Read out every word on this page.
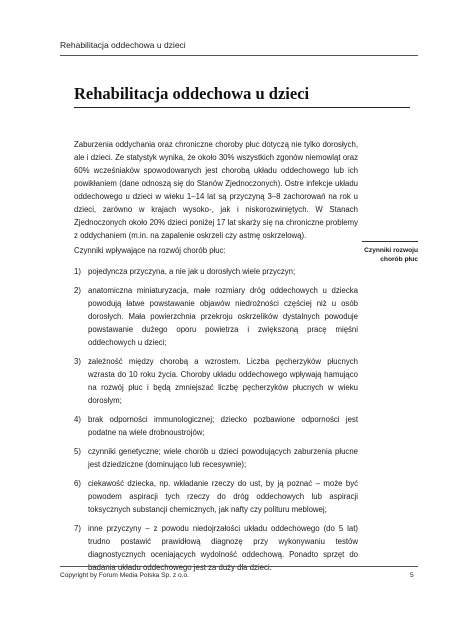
Rehabilitacja oddechowa u dzieci
Rehabilitacja oddechowa u dzieci

Zaburzenia oddychania oraz chroniczne choroby płuc dotyczą nie tylko dorosłych, ale i dzieci. Ze statystyk wynika, że około 30% wszystkich zgonów niemowląt oraz 60% wcześniaków spowodowanych jest chorobą układu oddechowego lub ich powikłaniem (dane odnoszą się do Stanów Zjednoczonych). Ostre infekcje układu oddechowego u dzieci w wieku 1–14 lat są przyczyną 3–8 zachorowań na rok u dzieci, zarówno w krajach wysoko-, jak i niskorozwiniętych. W Stanach Zjednoczonych około 20% dzieci poniżej 17 lat skarży się na chroniczne problemy z oddychaniem (m.in. na zapalenie oskrzeli czy astmę oskrzelową).

Czynniki rozwoju chorób płuc

Czynniki wpływające na rozwój chorób płuc:

1) pojedyncza przyczyna, a nie jak u dorosłych wiele przyczyn;
2) anatomiczna miniaturyzacja, małe rozmiary dróg oddechowych u dziecka powodują łatwe powstawanie objawów niedrożności częściej niż u osób dorosłych. Mała powierzchnia przekroju oskrzelików dystalnych powoduje powstawanie dużego oporu powietrza i zwiększoną pracę mięśni oddechowych u dzieci;
3) zależność między chorobą a wzrostem. Liczba pęcherzyków płucnych wzrasta do 10 roku życia. Choroby układu oddechowego wpływają hamująco na rozwój płuc i będą zmniejszać liczbę pęcherzyków płucnych w wieku dorosłym;
4) brak odporności immunologicznej; dziecko pozbawione odporności jest podatne na wiele drobnoustrojów;
5) czynniki genetyczne; wiele chorób u dzieci powodujących zaburzenia płucne jest dziedziczne (dominująco lub recesywnie);
6) ciekawość dziecka, np. wkładanie rzeczy do ust, by ją poznać – może być powodem aspiracji tych rzeczy do dróg oddechowych lub aspiracji toksycznych substancji chemicznych, jak nafty czy polituru meblowej;
7) inne przyczyny – z powodu niedojrzałości układu oddechowego (do 5 lat) trudno postawić prawidłową diagnozę przy wykonywaniu testów diagnostycznych oceniających wydolność oddechową. Ponadto sprzęt do badania układu oddechowego jest za duży dla dzieci.
Copyright by Forum Media Polska Sp. z o.o.	5
